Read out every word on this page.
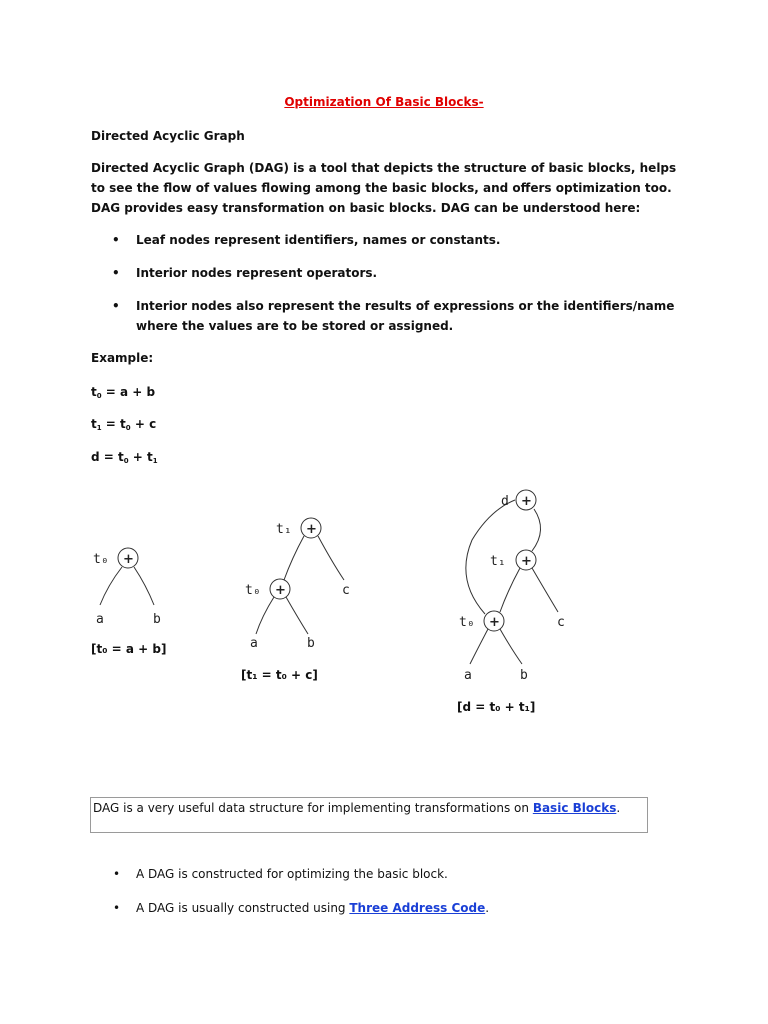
Optimization Of Basic Blocks-
Directed Acyclic Graph
Directed Acyclic Graph (DAG) is a tool that depicts the structure of basic blocks, helps to see the flow of values flowing among the basic blocks, and offers optimization too. DAG provides easy transformation on basic blocks. DAG can be understood here:
• Leaf nodes represent identifiers, names or constants.
• Interior nodes represent operators.
• Interior nodes also represent the results of expressions or the identifiers/name where the values are to be stored or assigned.
Example:
$t_0 = a + b$
$t_1 = t_0 + c$
$d = t_0 + t_1$
+
t₀
a	b
+
+
t₁
t₀	c
a	b
+
+
+
d
t₁
t₀	c
a	b
[t₀ = a + b]
[t₁ = t₀ + c]
[d = t₀ + t₁]
DAG is a very useful data structure for implementing transformations on Basic Blocks.
• A DAG is constructed for optimizing the basic block.
• A DAG is usually constructed using Three Address Code.
